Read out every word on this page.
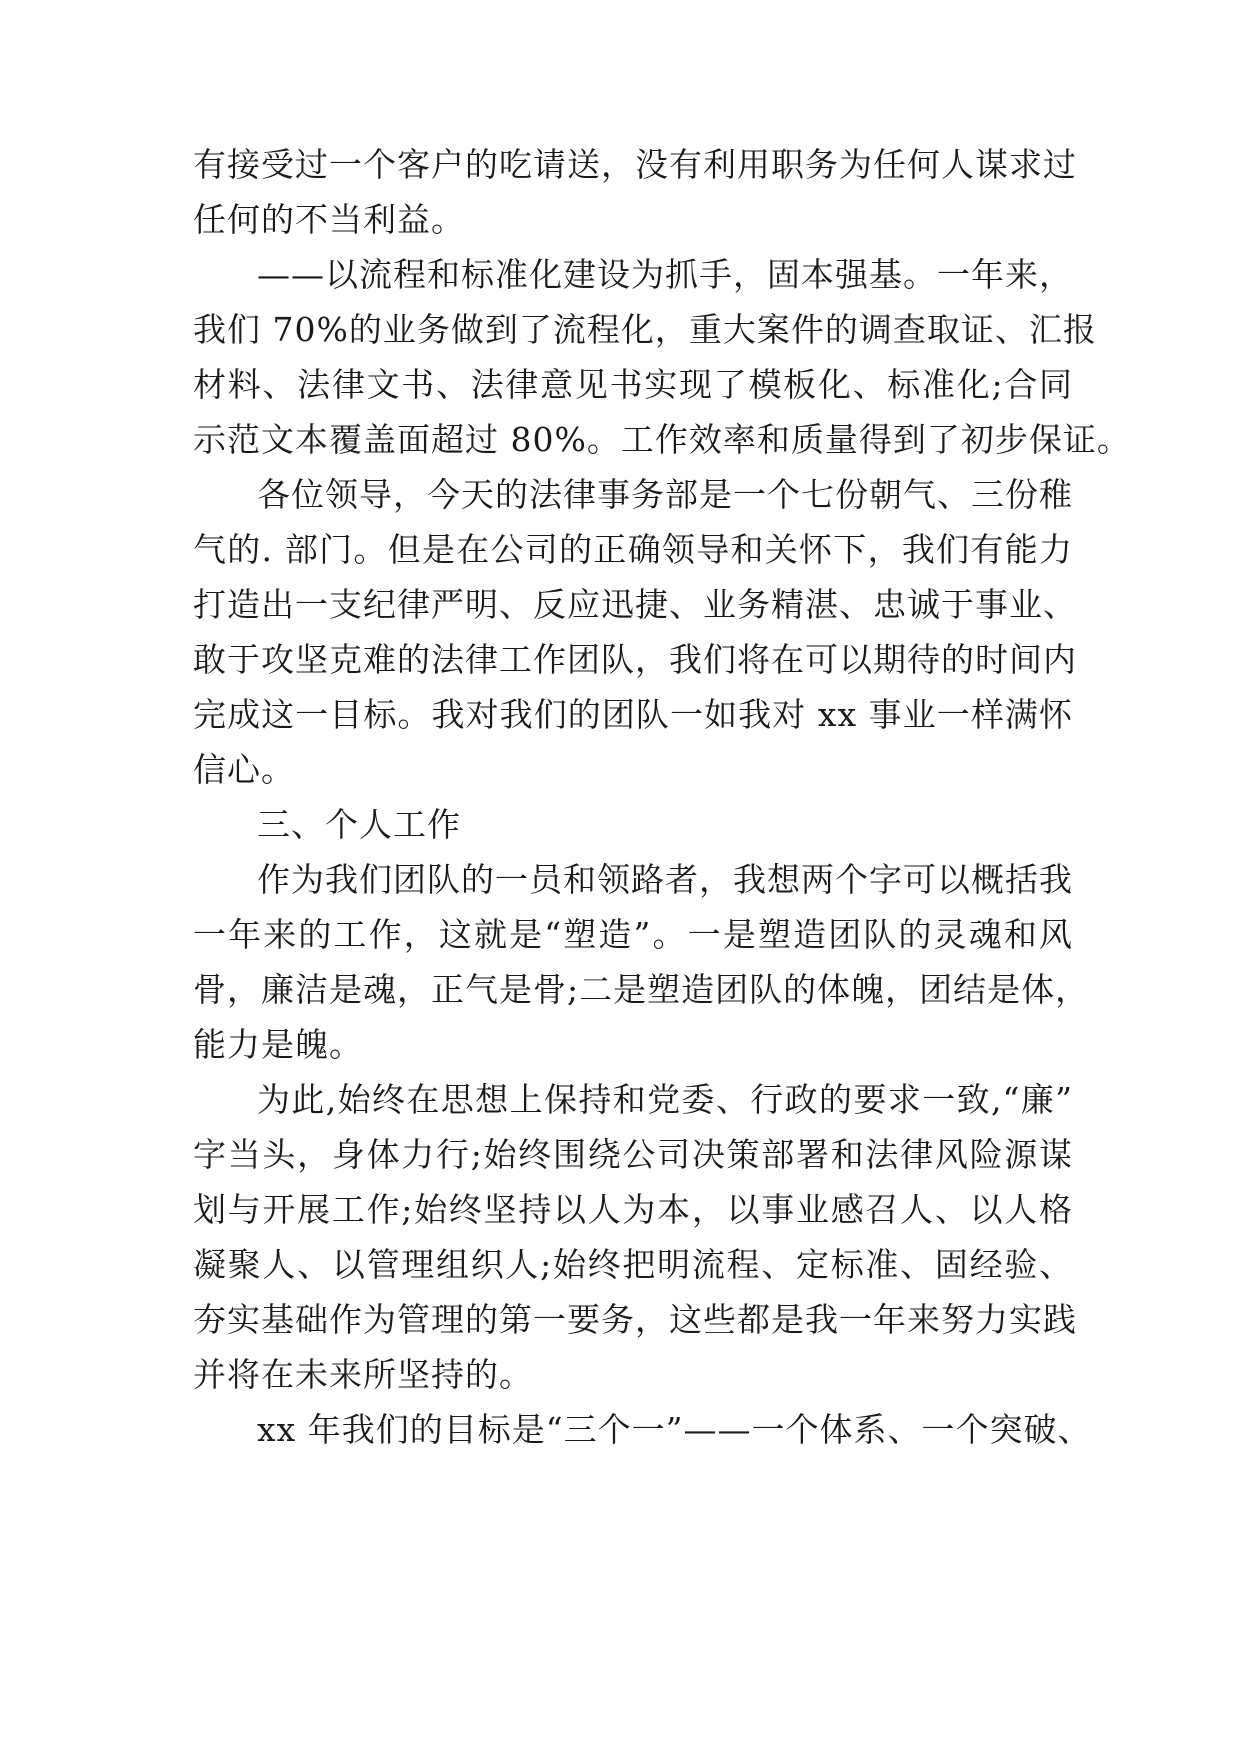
有接受过一个客户的吃请送，没有利用职务为任何人谋求过
任何的不当利益。
——以流程和标准化建设为抓手，固本强基。一年来，
我们 70%的业务做到了流程化，重大案件的调查取证、汇报
材料、法律文书、法律意见书实现了模板化、标准化;合同
示范文本覆盖面超过 80%。工作效率和质量得到了初步保证。
各位领导，今天的法律事务部是一个七份朝气、三份稚
气的. 部门。但是在公司的正确领导和关怀下，我们有能力
打造出一支纪律严明、反应迅捷、业务精湛、忠诚于事业、
敢于攻坚克难的法律工作团队，我们将在可以期待的时间内
完成这一目标。我对我们的团队一如我对 xx 事业一样满怀
信心。
三、个人工作
作为我们团队的一员和领路者，我想两个字可以概括我
一年来的工作，这就是“塑造”。一是塑造团队的灵魂和风
骨，廉洁是魂，正气是骨;二是塑造团队的体魄，团结是体，
能力是魄。
为此,始终在思想上保持和党委、行政的要求一致,“廉”
字当头，身体力行;始终围绕公司决策部署和法律风险源谋
划与开展工作;始终坚持以人为本，以事业感召人、以人格
凝聚人、以管理组织人;始终把明流程、定标准、固经验、
夯实基础作为管理的第一要务，这些都是我一年来努力实践
并将在未来所坚持的。
xx 年我们的目标是“三个一”——一个体系、一个突破、
